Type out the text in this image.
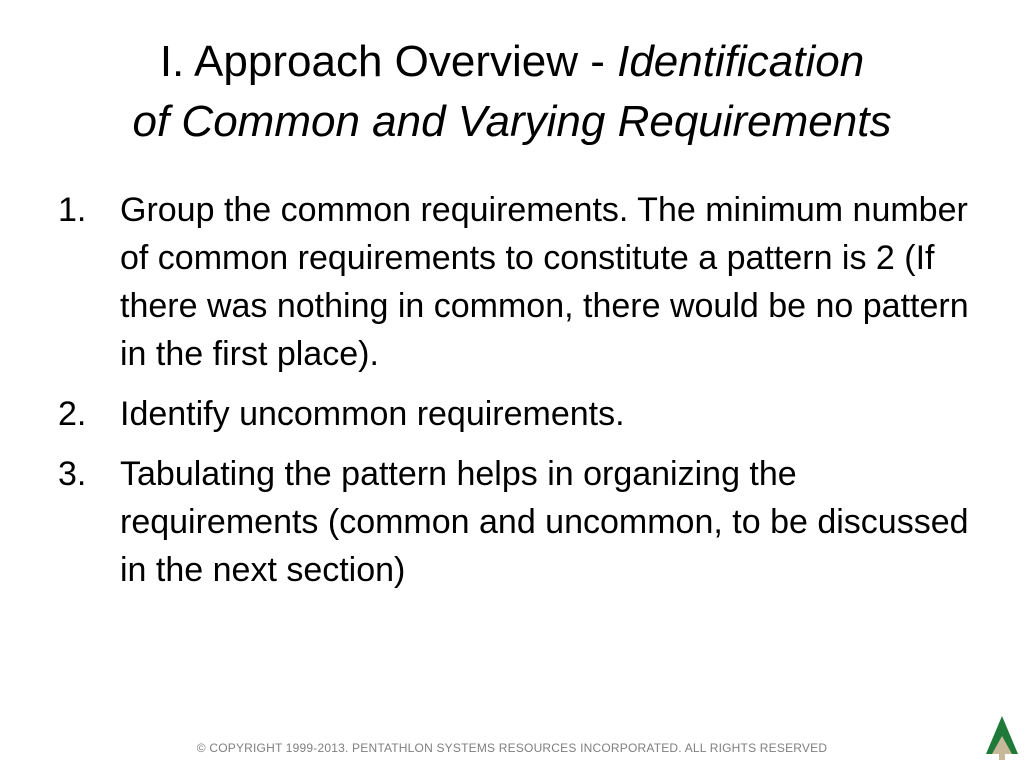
I. Approach Overview - Identification
of Common and Varying Requirements
1. Group the common requirements. The minimum number of common requirements to constitute a pattern is 2 (If there was nothing in common, there would be no pattern in the first place).
2. Identify uncommon requirements.
3. Tabulating the pattern helps in organizing the requirements (common and uncommon, to be discussed in the next section)
© COPYRIGHT 1999-2013. PENTATHLON SYSTEMS RESOURCES INCORPORATED. ALL RIGHTS RESERVED
